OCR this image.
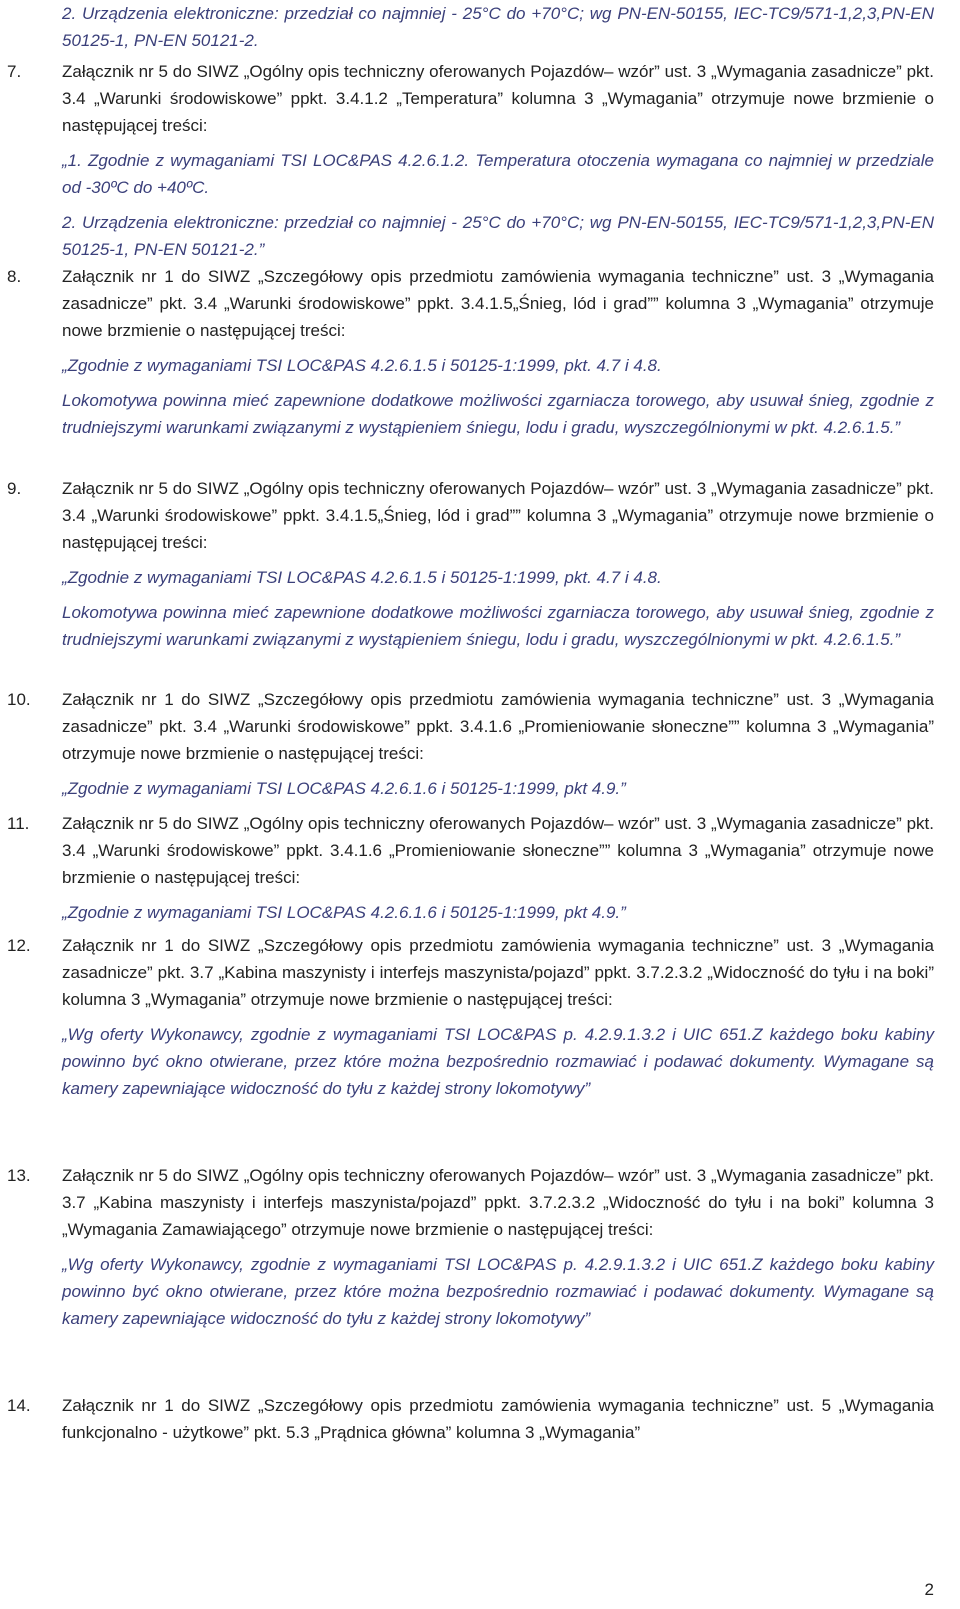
2. Urządzenia elektroniczne: przedział co najmniej - 25°C do +70°C; wg PN-EN-50155, IEC-TC9/571-1,2,3,PN-EN 50125-1, PN-EN 50121-2.

7.	Załącznik nr 5 do SIWZ „Ogólny opis techniczny oferowanych Pojazdów– wzór” ust. 3 „Wymagania zasadnicze” pkt. 3.4 „Warunki środowiskowe” ppkt. 3.4.1.2 „Temperatura” kolumna 3 „Wymagania” otrzymuje nowe brzmienie o następującej treści:

„1. Zgodnie z wymaganiami TSI LOC&PAS 4.2.6.1.2. Temperatura otoczenia wymagana co najmniej w przedziale od -30ºC do +40ºC.

2. Urządzenia elektroniczne: przedział co najmniej - 25°C do +70°C; wg PN-EN-50155, IEC-TC9/571-1,2,3,PN-EN 50125-1, PN-EN 50121-2.”

8.	Załącznik nr 1 do SIWZ „Szczegółowy opis przedmiotu zamówienia wymagania techniczne” ust. 3 „Wymagania zasadnicze” pkt. 3.4 „Warunki środowiskowe” ppkt. 3.4.1.5„Śnieg, lód i grad”” kolumna 3 „Wymagania” otrzymuje nowe brzmienie o następującej treści:

„Zgodnie z wymaganiami TSI LOC&PAS 4.2.6.1.5 i 50125-1:1999, pkt. 4.7 i 4.8.

Lokomotywa powinna mieć zapewnione dodatkowe możliwości zgarniacza torowego, aby usuwał śnieg, zgodnie z trudniejszymi warunkami związanymi z wystąpieniem śniegu, lodu i gradu, wyszczególnionymi w pkt. 4.2.6.1.5.”

9.	Załącznik nr 5 do SIWZ „Ogólny opis techniczny oferowanych Pojazdów– wzór” ust. 3 „Wymagania zasadnicze” pkt. 3.4 „Warunki środowiskowe” ppkt. 3.4.1.5„Śnieg, lód i grad”” kolumna 3 „Wymagania” otrzymuje nowe brzmienie o następującej treści:

„Zgodnie z wymaganiami TSI LOC&PAS 4.2.6.1.5 i 50125-1:1999, pkt. 4.7 i 4.8.

Lokomotywa powinna mieć zapewnione dodatkowe możliwości zgarniacza torowego, aby usuwał śnieg, zgodnie z trudniejszymi warunkami związanymi z wystąpieniem śniegu, lodu i gradu, wyszczególnionymi w pkt. 4.2.6.1.5.”

10.	Załącznik nr 1 do SIWZ „Szczegółowy opis przedmiotu zamówienia wymagania techniczne” ust. 3 „Wymagania zasadnicze” pkt. 3.4 „Warunki środowiskowe” ppkt. 3.4.1.6 „Promieniowanie słoneczne”” kolumna 3 „Wymagania” otrzymuje nowe brzmienie o następującej treści:

„Zgodnie z wymaganiami TSI LOC&PAS 4.2.6.1.6 i 50125-1:1999, pkt 4.9.”

11.	Załącznik nr 5 do SIWZ „Ogólny opis techniczny oferowanych Pojazdów– wzór” ust. 3 „Wymagania zasadnicze” pkt. 3.4 „Warunki środowiskowe” ppkt. 3.4.1.6 „Promieniowanie słoneczne”” kolumna 3 „Wymagania” otrzymuje nowe brzmienie o następującej treści:

„Zgodnie z wymaganiami TSI LOC&PAS 4.2.6.1.6 i 50125-1:1999, pkt 4.9.”

12.	Załącznik nr 1 do SIWZ „Szczegółowy opis przedmiotu zamówienia wymagania techniczne” ust. 3 „Wymagania zasadnicze” pkt. 3.7 „Kabina maszynisty i interfejs maszynista/pojazd” ppkt. 3.7.2.3.2 „Widoczność do tyłu i na boki” kolumna 3 „Wymagania” otrzymuje nowe brzmienie o następującej treści:

„Wg oferty Wykonawcy, zgodnie z wymaganiami TSI LOC&PAS p. 4.2.9.1.3.2 i UIC 651.Z każdego boku kabiny powinno być okno otwierane, przez które można bezpośrednio rozmawiać i podawać dokumenty. Wymagane są kamery zapewniające widoczność do tyłu z każdej strony lokomotywy”

13.	Załącznik nr 5 do SIWZ „Ogólny opis techniczny oferowanych Pojazdów– wzór” ust. 3 „Wymagania zasadnicze” pkt. 3.7 „Kabina maszynisty i interfejs maszynista/pojazd” ppkt. 3.7.2.3.2 „Widoczność do tyłu i na boki” kolumna 3 „Wymagania Zamawiającego” otrzymuje nowe brzmienie o następującej treści:

„Wg oferty Wykonawcy, zgodnie z wymaganiami TSI LOC&PAS p. 4.2.9.1.3.2 i UIC 651.Z każdego boku kabiny powinno być okno otwierane, przez które można bezpośrednio rozmawiać i podawać dokumenty. Wymagane są kamery zapewniające widoczność do tyłu z każdej strony lokomotywy”

14.	Załącznik nr 1 do SIWZ „Szczegółowy opis przedmiotu zamówienia wymagania techniczne” ust. 5 „Wymagania funkcjonalno - użytkowe” pkt. 5.3 „Prądnica główna” kolumna 3 „Wymagania”

2
